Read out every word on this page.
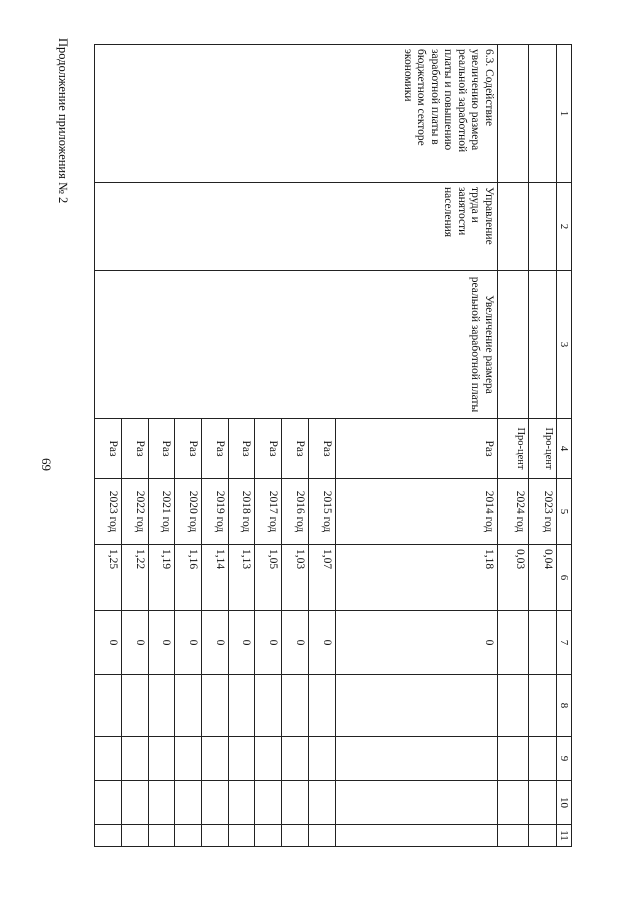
69
Продолжение приложения № 2	1	2	3	4	5	6	7	8	9	10	11
			Про-цент	2023 год	0,04					
			Про-цент	2024 год	0,03					
6.3. Содействие увеличению размера реальной заработной платы и повышению заработной платы в бюджетном секторе экономики	Управление труда и занятости населения	Увеличение размера реальной заработной платы	Раз	2014 год	1,18	0				
			Раз	2015 год	1,07	0				
			Раз	2016 год	1,03	0				
			Раз	2017 год	1,05	0				
			Раз	2018 год	1,13	0				
			Раз	2019 год	1,14	0				
			Раз	2020 год	1,16	0				
			Раз	2021 год	1,19	0				
			Раз	2022 год	1,22	0				
			Раз	2023 год	1,25	0				
